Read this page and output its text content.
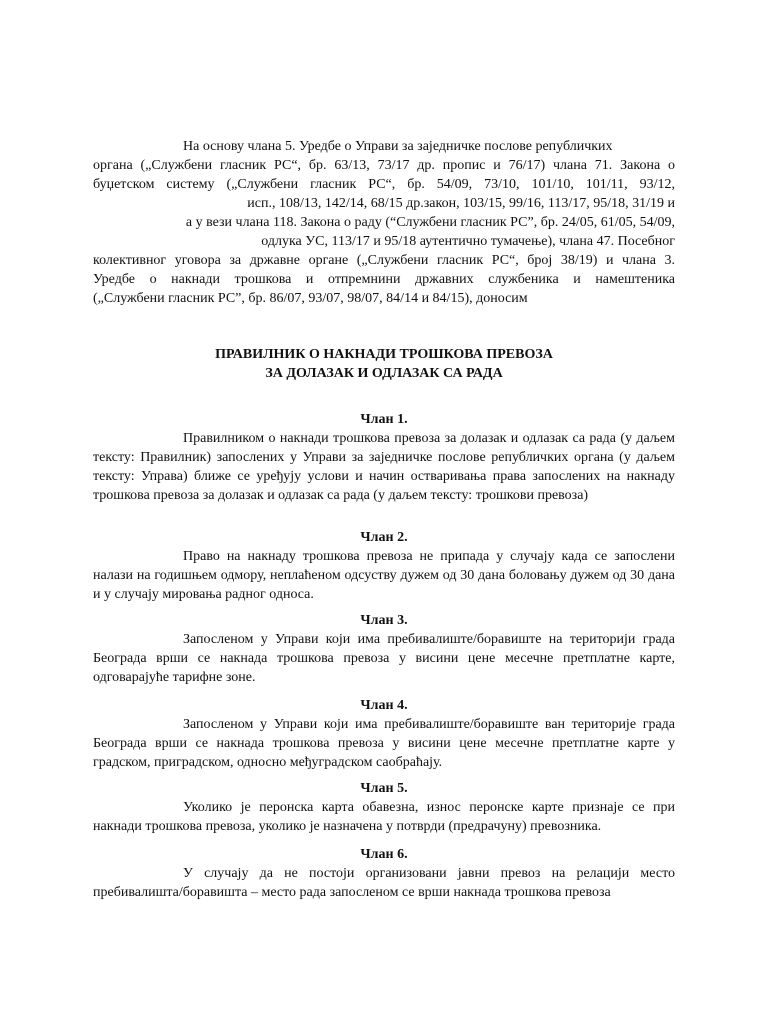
На основу члана 5. Уредбе о Управи за заједничке послове републичких
органа („Службени гласник РС“, бр. 63/13, 73/17 др. пропис и 76/17) члана 71. Закона о
буџетском систему („Службени гласник РС“, бр. 54/09, 73/10, 101/10, 101/11, 93/12,
исп., 108/13, 142/14, 68/15 др.закон, 103/15, 99/16, 113/17, 95/18, 31/19 и
а у вези члана 118. Закона о раду (“Службени гласник РС”, бр. 24/05, 61/05, 54/09,
одлука УС, 113/17 и 95/18 аутентично тумачење), члана 47. Посебног
колективног уговора за државне органе („Службени гласник РС“, број 38/19) и члана 3.
Уредбе о накнади трошкова и отпремнини државних службеника и намештеника
(„Службени гласник РС”, бр. 86/07, 93/07, 98/07, 84/14 и 84/15), доносим
ПРАВИЛНИК О НАКНАДИ ТРОШКОВА ПРЕВОЗА
ЗА ДОЛАЗАК И ОДЛАЗАК СА РАДА
Члан 1.
Правилником о накнади трошкова превоза за долазак и одлазак са рада (у даљем тексту: Правилник) запослених у Управи за заједничке послове републичких органа (у даљем тексту: Управа) ближе се уређују услови и начин остваривања права запослених на накнаду трошкова превоза за долазак и одлазак са рада (у даљем тексту: трошкови превоза)
Члан 2.
Право на накнаду трошкова превоза не припада у случају када се запослени налази на годишњем одмору, неплаћеном одсуству дужем од 30 дана боловању дужем од 30 дана и у случају мировања радног односа.
Члан 3.
Запосленом у Управи који има пребивалиште/боравиште на територији града Београда врши се накнада трошкова превоза у висини цене месечне претплатне карте, одговарајуће тарифне зоне.
Члан 4.
Запосленом у Управи који има пребивалиште/боравиште ван територије града Београда врши се накнада трошкова превоза у висини цене месечне претплатне карте у градском, приградском, односно међуградском саобраћају.
Члан 5.
Уколико је перонска карта обавезна, износ перонске карте признаје се при накнади трошкова превоза, уколико је назначена у потврди (предрачуну) превозника.
Члан 6.
У случају да не постоји организовани јавни превоз на релацији место пребивалишта/боравишта – место рада запосленом се врши накнада трошкова превоза
